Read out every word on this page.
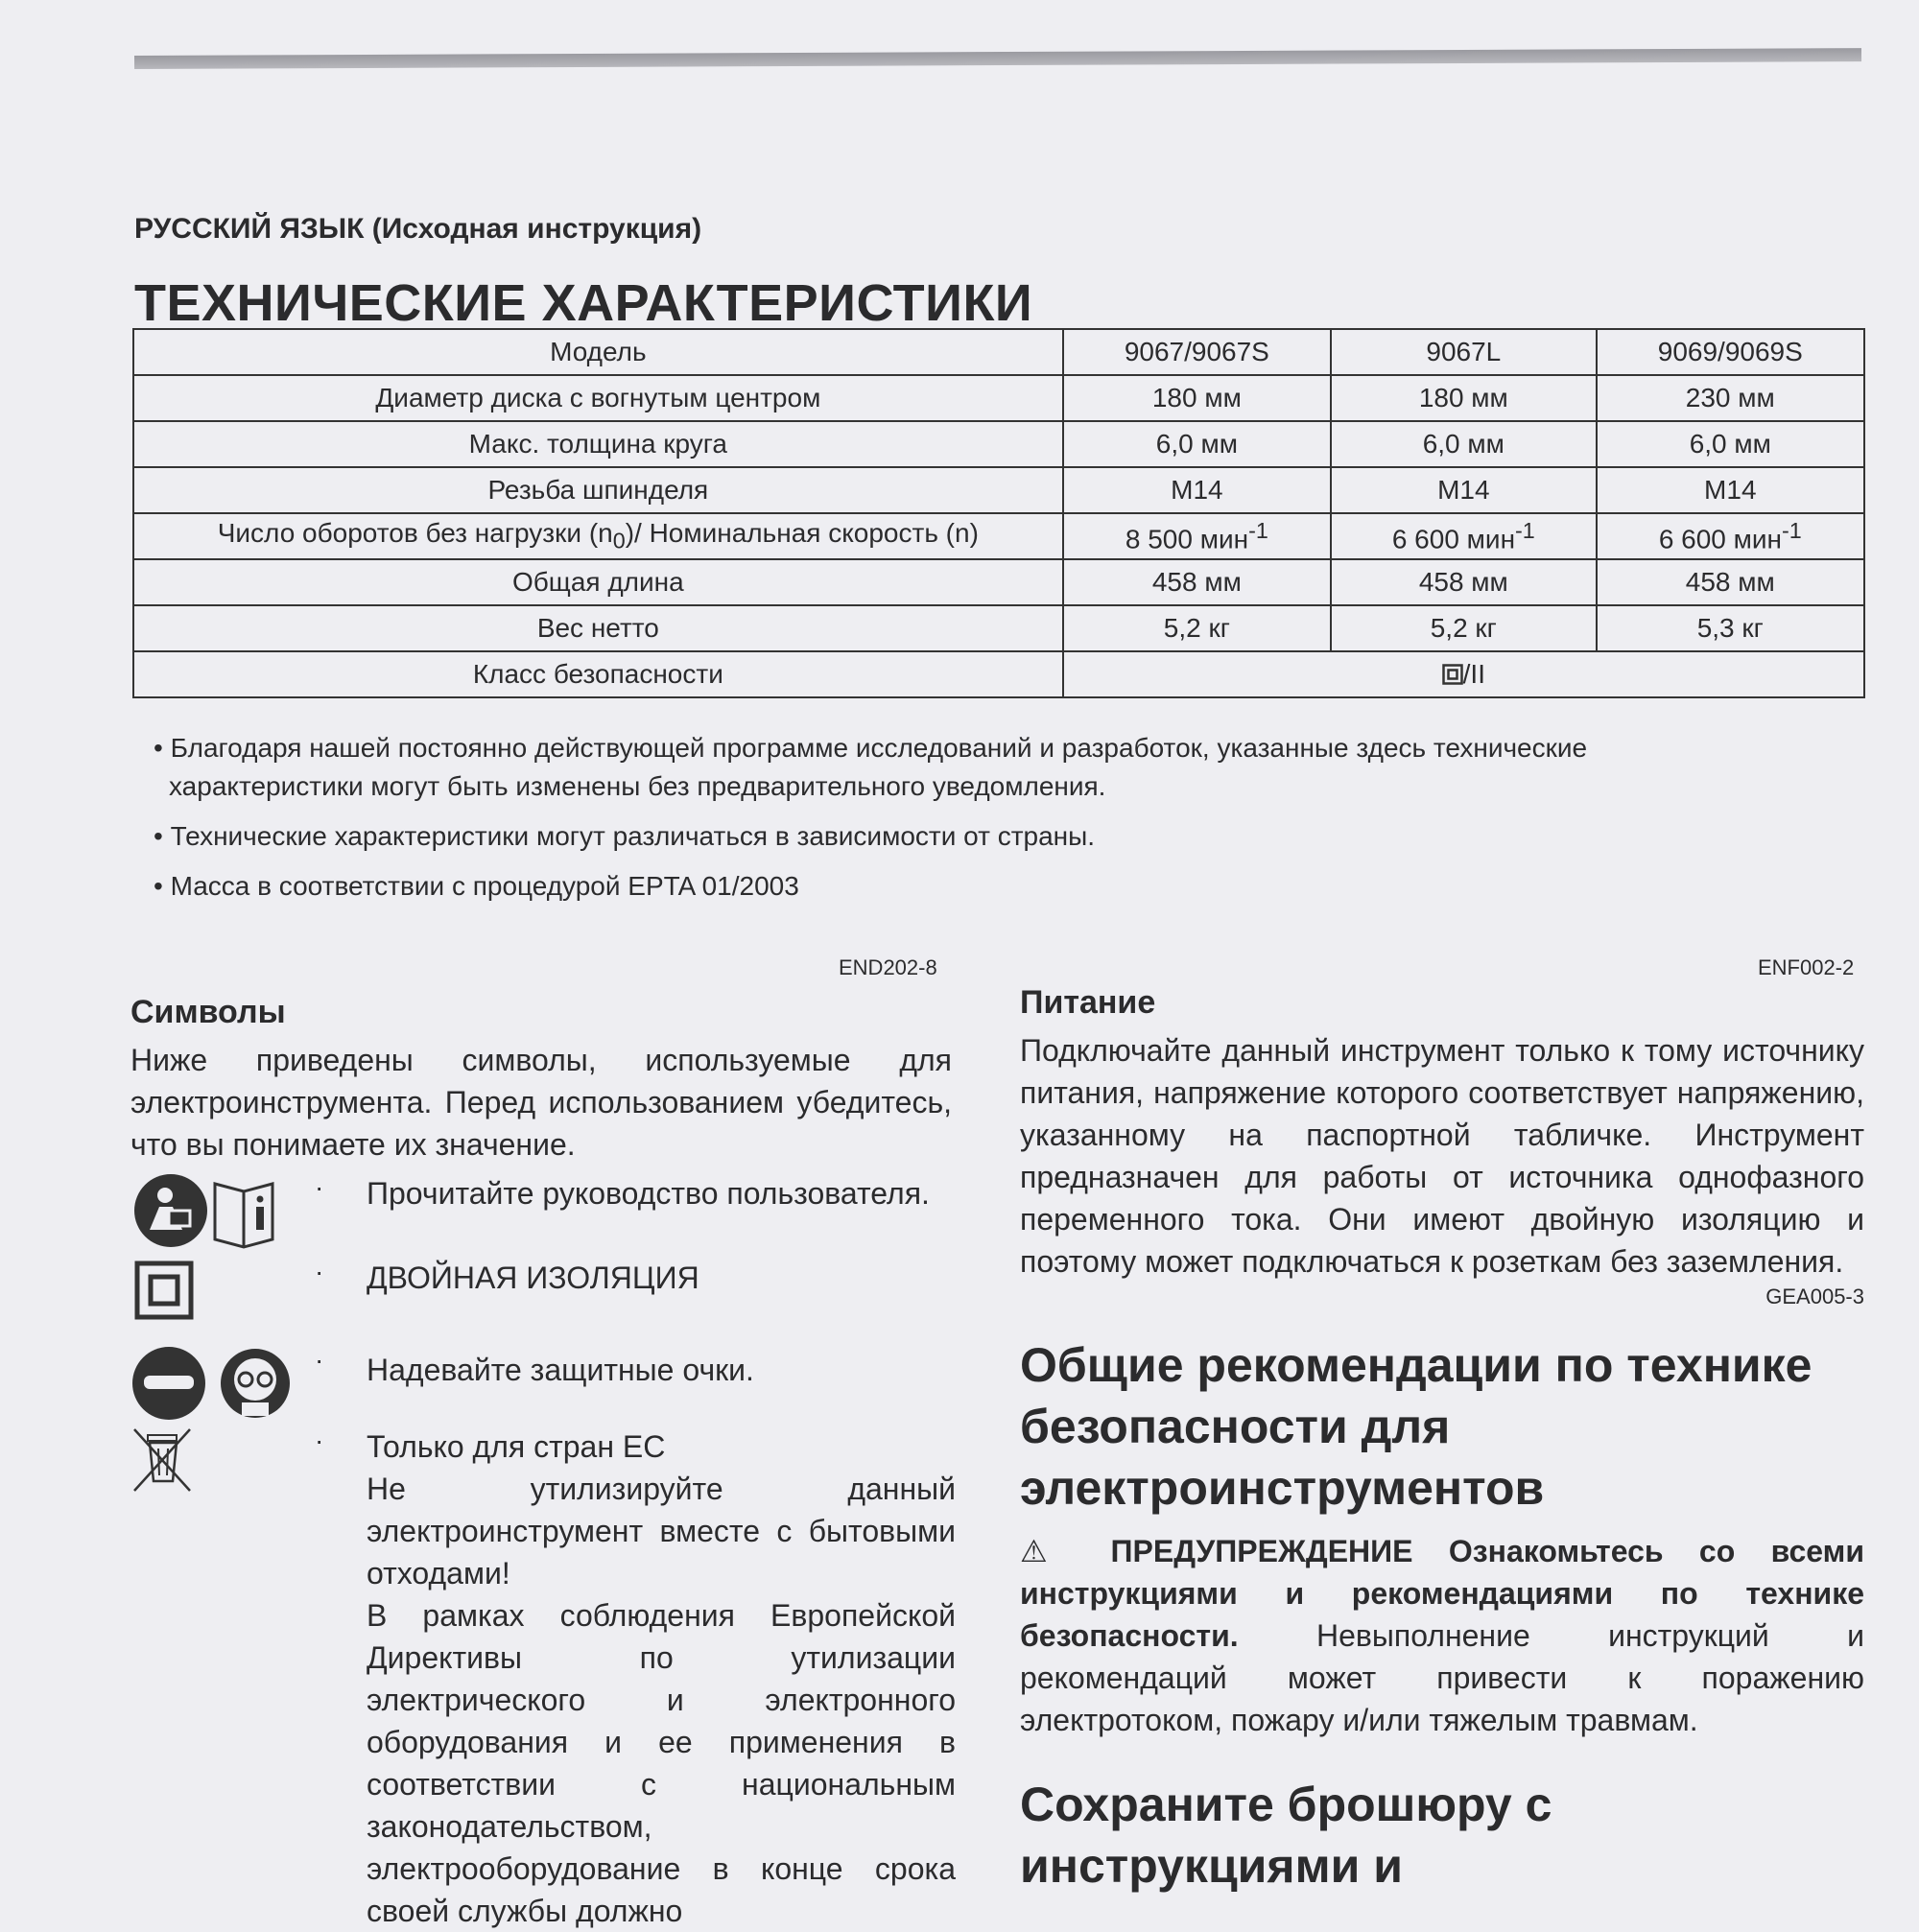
РУССКИЙ ЯЗЫК (Исходная инструкция)
ТЕХНИЧЕСКИЕ ХАРАКТЕРИСТИКИ
Модель	9067/9067S	9067L	9069/9069S
Диаметр диска с вогнутым центром	180 мм	180 мм	230 мм
Макс. толщина круга	6,0 мм	6,0 мм	6,0 мм
Резьба шпинделя	M14	M14	M14
Число оборотов без нагрузки $(n_0)/$ Номинальная скорость (n)	8 500 мин$^{-1}$	6 600 мин$^{-1}$	6 600 мин$^{-1}$
Общая длина	458 мм	458 мм	458 мм
Вес нетто	5,2 кг	5,2 кг	5,3 кг
Класс безопасности	/II		

• Благодаря нашей постоянно действующей программе исследований и разработок, указанные здесь технические
характеристики могут быть изменены без предварительного уведомления.

• Технические характеристики могут различаться в зависимости от страны.

• Масса в соответствии с процедурой EPTA 01/2003

END202-8	ENF002-2

Символы

Ниже приведены символы, используемые для электроинструмента. Перед использованием убедитесь, что вы понимаете их значение.

· Прочитайте руководство пользователя.

· ДВОЙНАЯ ИЗОЛЯЦИЯ

· Надевайте защитные очки.

· Только для стран ЕС

Не утилизируйте данный электроинструмент вместе с бытовыми отходами!

В рамках соблюдения Европейской Директивы по утилизации электрического и электронного оборудования и ее применения в соответствии с национальным законодательством, электрооборудование в конце срока своей службы должно

Питание

Подключайте данный инструмент только к тому источнику питания, напряжение которого соответствует напряжению, указанному на паспортной табличке. Инструмент предназначен для работы от источника однофазного переменного тока. Они имеют двойную изоляцию и поэтому может подключаться к розеткам без заземления.

GEA005-3

Общие рекомендации по технике безопасности для электроинструментов

⚠ ПРЕДУПРЕЖДЕНИЕ Ознакомьтесь со всеми инструкциями и рекомендациями по технике безопасности.	Невыполнение инструкций и рекомендаций может привести к поражению электротоком, пожару и/или тяжелым травмам.

Сохраните брошюру с инструкциями и
